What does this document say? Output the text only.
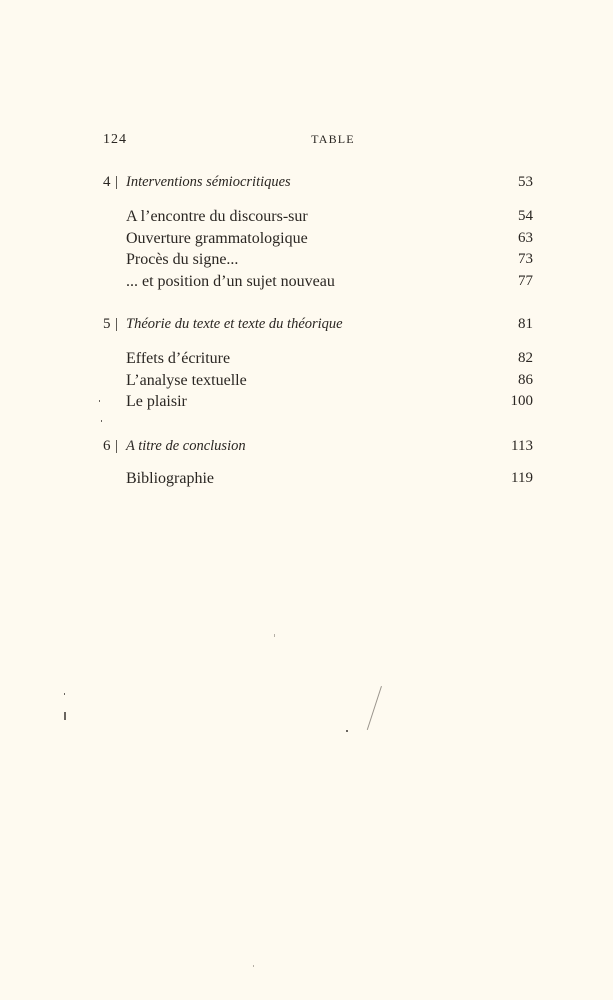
124	TABLE
4 | Interventions sémiocritiques	53
A l’encontre du discours-sur	54
Ouverture grammatologique	63
Procès du signe...	73
... et position d’un sujet nouveau	77
5 | Théorie du texte et texte du théorique	81
Effets d’écriture	82
L’analyse textuelle	86
Le plaisir	100
6 | A titre de conclusion	113
Bibliographie	119
